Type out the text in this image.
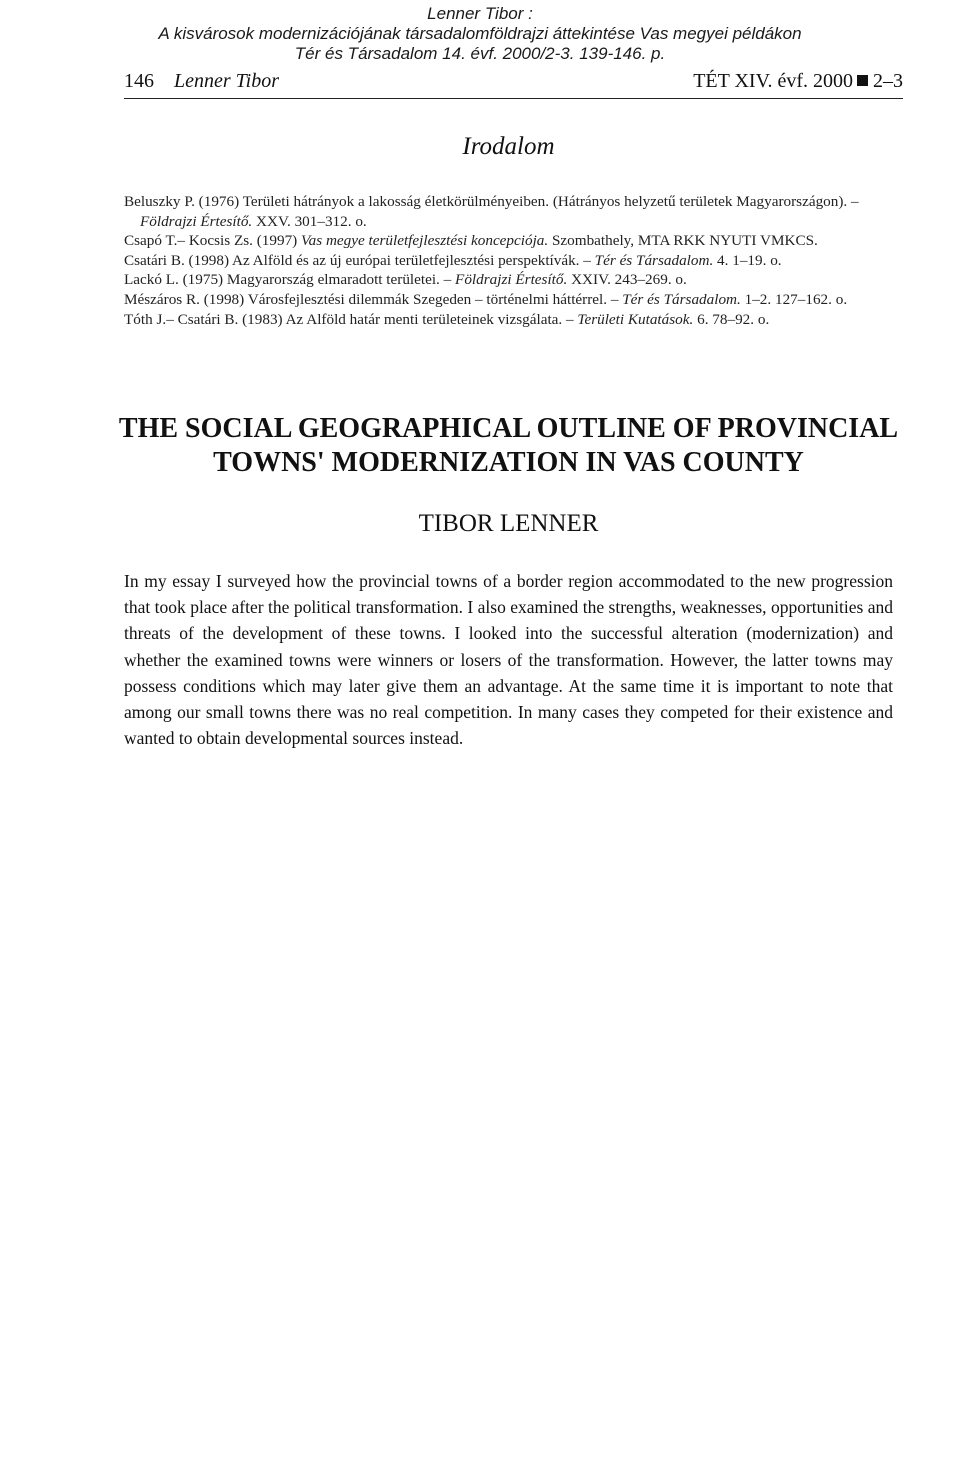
Lenner Tibor :
A kisvárosok modernizációjának társadalomföldrajzi áttekintése Vas megyei példákon
Tér és Társadalom 14. évf. 2000/2-3. 139-146. p.
146 Lenner Tibor	TÉT XIV. évf. 2000 2–3
Irodalom

Beluszky P. (1976) Területi hátrányok a lakosság életkörülményeiben. (Hátrányos helyzetű területek Magyarországon). – Földrajzi Értesítő. XXV. 301–312. o.

Csapó T.– Kocsis Zs. (1997) Vas megye területfejlesztési koncepciója. Szombathely, MTA RKK NYUTI VMKCS.

Csatári B. (1998) Az Alföld és az új európai területfejlesztési perspektívák. – Tér és Társadalom. 4. 1–19. o.

Lackó L. (1975) Magyarország elmaradott területei. – Földrajzi Értesítő. XXIV. 243–269. o.

Mészáros R. (1998) Városfejlesztési dilemmák Szegeden – történelmi háttérrel. – Tér és Társadalom. 1–2. 127–162. o.

Tóth J.– Csatári B. (1983) Az Alföld határ menti területeinek vizsgálata. – Területi Kutatások. 6. 78–92. o.

THE SOCIAL GEOGRAPHICAL OUTLINE OF PROVINCIAL
TOWNS' MODERNIZATION IN VAS COUNTY
TIBOR LENNER

In my essay I surveyed how the provincial towns of a border region accommodated to the new progression that took place after the political transformation. I also examined the strengths, weaknesses, opportunities and threats of the development of these towns. I looked into the successful alteration (modernization) and whether the examined towns were winners or losers of the transformation. However, the latter towns may possess conditions which may later give them an advantage. At the same time it is important to note that among our small towns there was no real competition. In many cases they competed for their existence and wanted to obtain developmental sources instead.
